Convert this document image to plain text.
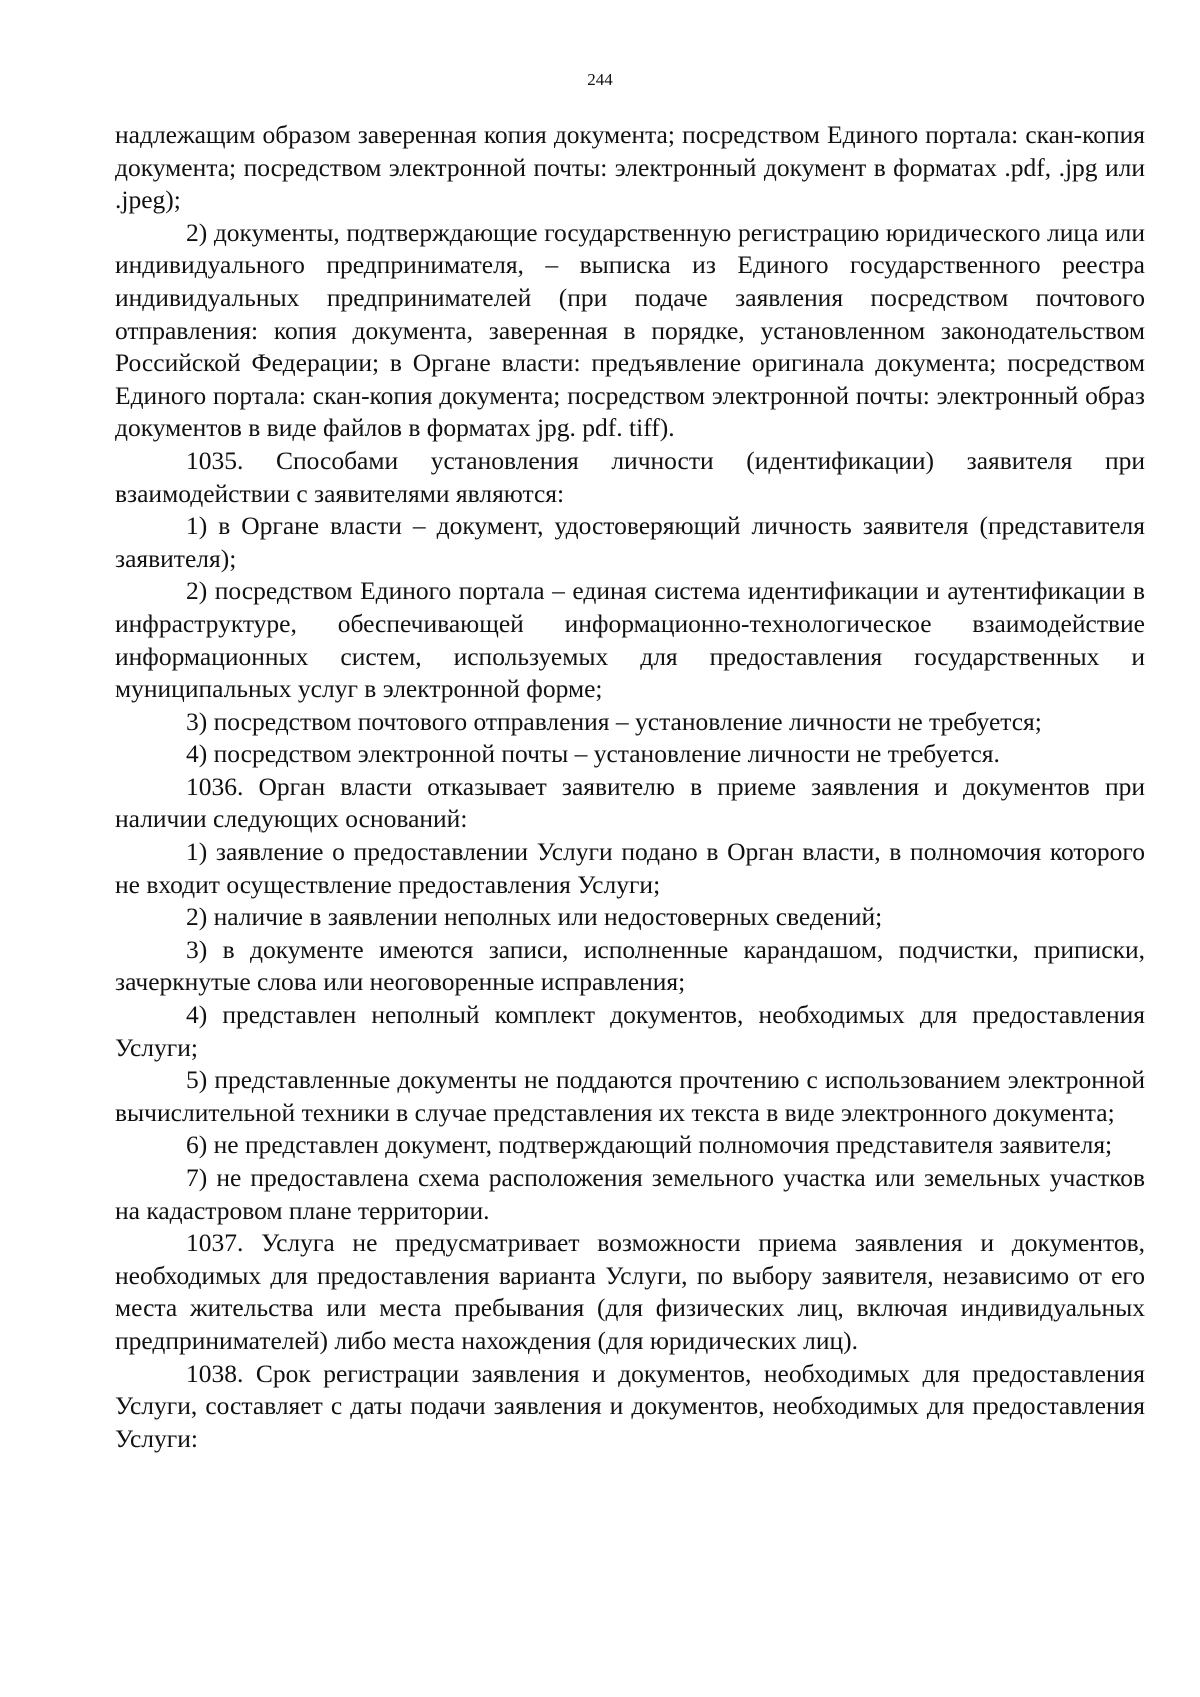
244

надлежащим образом заверенная копия документа; посредством Единого портала: скан-копия документа; посредством электронной почты: электронный документ в форматах .pdf, .jpg или .jpeg);

2) документы, подтверждающие государственную регистрацию юридического лица или индивидуального предпринимателя, – выписка из Единого государственного реестра индивидуальных предпринимателей (при подаче заявления посредством почтового отправления: копия документа, заверенная в порядке, установленном законодательством Российской Федерации; в Органе власти: предъявление оригинала документа; посредством Единого портала: скан-копия документа; посредством электронной почты: электронный образ документов в виде файлов в форматах jpg. pdf. tiff).

1035. Способами установления личности (идентификации) заявителя при взаимодействии с заявителями являются:

1) в Органе власти – документ, удостоверяющий личность заявителя (представителя заявителя);

2) посредством Единого портала – единая система идентификации и аутентификации в инфраструктуре, обеспечивающей информационно-технологическое взаимодействие информационных систем, используемых для предоставления государственных и муниципальных услуг в электронной форме;

3) посредством почтового отправления – установление личности не требуется;

4) посредством электронной почты – установление личности не требуется.

1036. Орган власти отказывает заявителю в приеме заявления и документов при наличии следующих оснований:

1) заявление о предоставлении Услуги подано в Орган власти, в полномочия которого не входит осуществление предоставления Услуги;

2) наличие в заявлении неполных или недостоверных сведений;

3) в документе имеются записи, исполненные карандашом, подчистки, приписки, зачеркнутые слова или неоговоренные исправления;

4) представлен неполный комплект документов, необходимых для предоставления Услуги;

5) представленные документы не поддаются прочтению с использованием электронной вычислительной техники в случае представления их текста в виде электронного документа;

6) не представлен документ, подтверждающий полномочия представителя заявителя;

7) не предоставлена схема расположения земельного участка или земельных участков на кадастровом плане территории.

1037. Услуга не предусматривает возможности приема заявления и документов, необходимых для предоставления варианта Услуги, по выбору заявителя, независимо от его места жительства или места пребывания (для физических лиц, включая индивидуальных предпринимателей) либо места нахождения (для юридических лиц).

1038. Срок регистрации заявления и документов, необходимых для предоставления Услуги, составляет с даты подачи заявления и документов, необходимых для предоставления Услуги:
